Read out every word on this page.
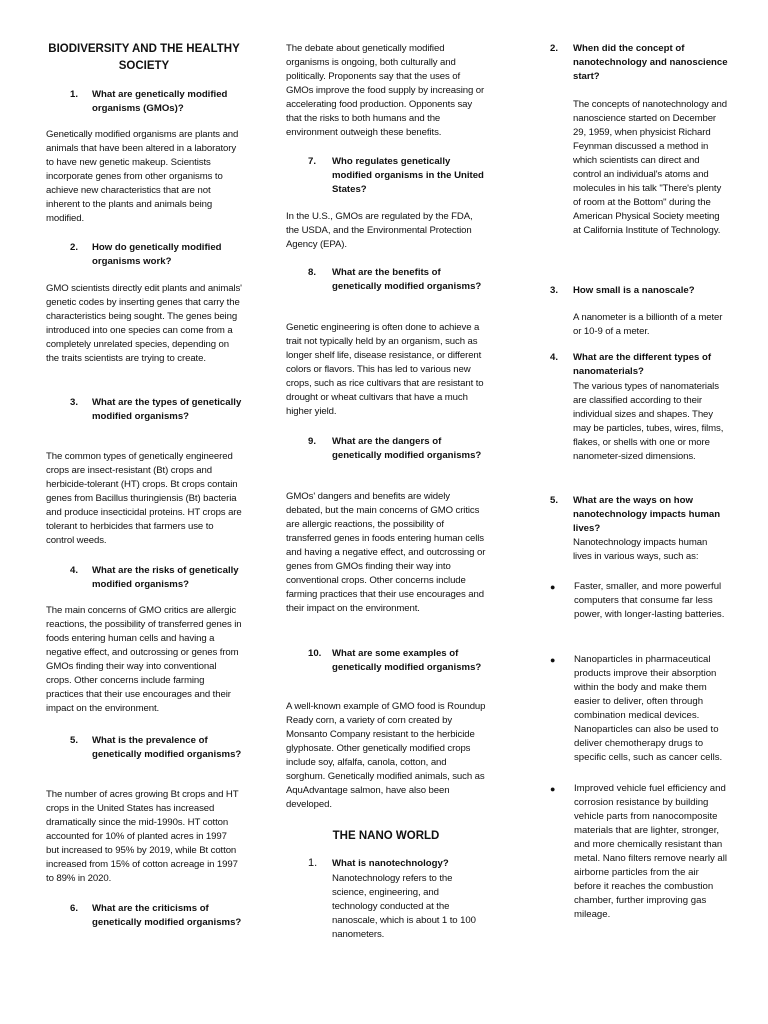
BIODIVERSITY AND THE HEALTHY SOCIETY
1. What are genetically modified organisms (GMOs)?

Genetically modified organisms are plants and animals that have been altered in a laboratory to have new genetic makeup. Scientists incorporate genes from other organisms to achieve new characteristics that are not inherent to the plants and animals being modified.

2. How do genetically modified organisms work?

GMO scientists directly edit plants and animals' genetic codes by inserting genes that carry the characteristics being sought. The genes being introduced into one species can come from a completely unrelated species, depending on the traits scientists are trying to create.

3. What are the types of genetically modified organisms?

The common types of genetically engineered crops are insect-resistant (Bt) crops and herbicide-tolerant (HT) crops. Bt crops contain genes from Bacillus thuringiensis (Bt) bacteria and produce insecticidal proteins. HT crops are tolerant to herbicides that farmers use to control weeds.

4. What are the risks of genetically modified organisms?

The main concerns of GMO critics are allergic reactions, the possibility of transferred genes in foods entering human cells and having a negative effect, and outcrossing or genes from GMOs finding their way into conventional crops. Other concerns include farming practices that their use encourages and their impact on the environment.

5. What is the prevalence of genetically modified organisms?

The number of acres growing Bt crops and HT crops in the United States has increased dramatically since the mid-1990s. HT cotton accounted for 10% of planted acres in 1997 but increased to 95% by 2019, while Bt cotton increased from 15% of cotton acreage in 1997 to 89% in 2020.

6. What are the criticisms of genetically modified organisms?

The debate about genetically modified organisms is ongoing, both culturally and politically. Proponents say that the uses of GMOs improve the food supply by increasing or accelerating food production. Opponents say that the risks to both humans and the environment outweigh these benefits.

7. Who regulates genetically modified organisms in the United States?

In the U.S., GMOs are regulated by the FDA, the USDA, and the Environmental Protection Agency (EPA).

8. What are the benefits of genetically modified organisms?

Genetic engineering is often done to achieve a trait not typically held by an organism, such as longer shelf life, disease resistance, or different colors or flavors. This has led to various new crops, such as rice cultivars that are resistant to drought or wheat cultivars that have a much higher yield.

9. What are the dangers of genetically modified organisms?

GMOs' dangers and benefits are widely debated, but the main concerns of GMO critics are allergic reactions, the possibility of transferred genes in foods entering human cells and having a negative effect, and outcrossing or genes from GMOs finding their way into conventional crops. Other concerns include farming practices that their use encourages and their impact on the environment.

10. What are some examples of genetically modified organisms?

A well-known example of GMO food is Roundup Ready corn, a variety of corn created by Monsanto Company resistant to the herbicide glyphosate. Other genetically modified crops include soy, alfalfa, canola, cotton, and sorghum. Genetically modified animals, such as AquAdvantage salmon, have also been developed.

THE NANO WORLD
1. What is nanotechnology?

Nanotechnology refers to the science, engineering, and technology conducted at the nanoscale, which is about 1 to 100 nanometers.

2. When did the concept of nanotechnology and nanoscience start?

The concepts of nanotechnology and nanoscience started on December 29, 1959, when physicist Richard Feynman discussed a method in which scientists can direct and control an individual's atoms and molecules in his talk "There's plenty of room at the Bottom" during the American Physical Society meeting at California Institute of Technology.

3. How small is a nanoscale?

A nanometer is a billionth of a meter or 10-9 of a meter.

4. What are the different types of nanomaterials?

The various types of nanomaterials are classified according to their individual sizes and shapes. They may be particles, tubes, wires, films, flakes, or shells with one or more nanometer-sized dimensions.

5. What are the ways on how nanotechnology impacts human lives?

Nanotechnology impacts human lives in various ways, such as:

● Faster, smaller, and more powerful computers that consume far less power, with longer-lasting batteries.
● Nanoparticles in pharmaceutical products improve their absorption within the body and make them easier to deliver, often through combination medical devices. Nanoparticles can also be used to deliver chemotherapy drugs to specific cells, such as cancer cells.
● Improved vehicle fuel efficiency and corrosion resistance by building vehicle parts from nanocomposite materials that are lighter, stronger, and more chemically resistant than metal. Nano filters remove nearly all airborne particles from the air before it reaches the combustion chamber, further improving gas mileage.
